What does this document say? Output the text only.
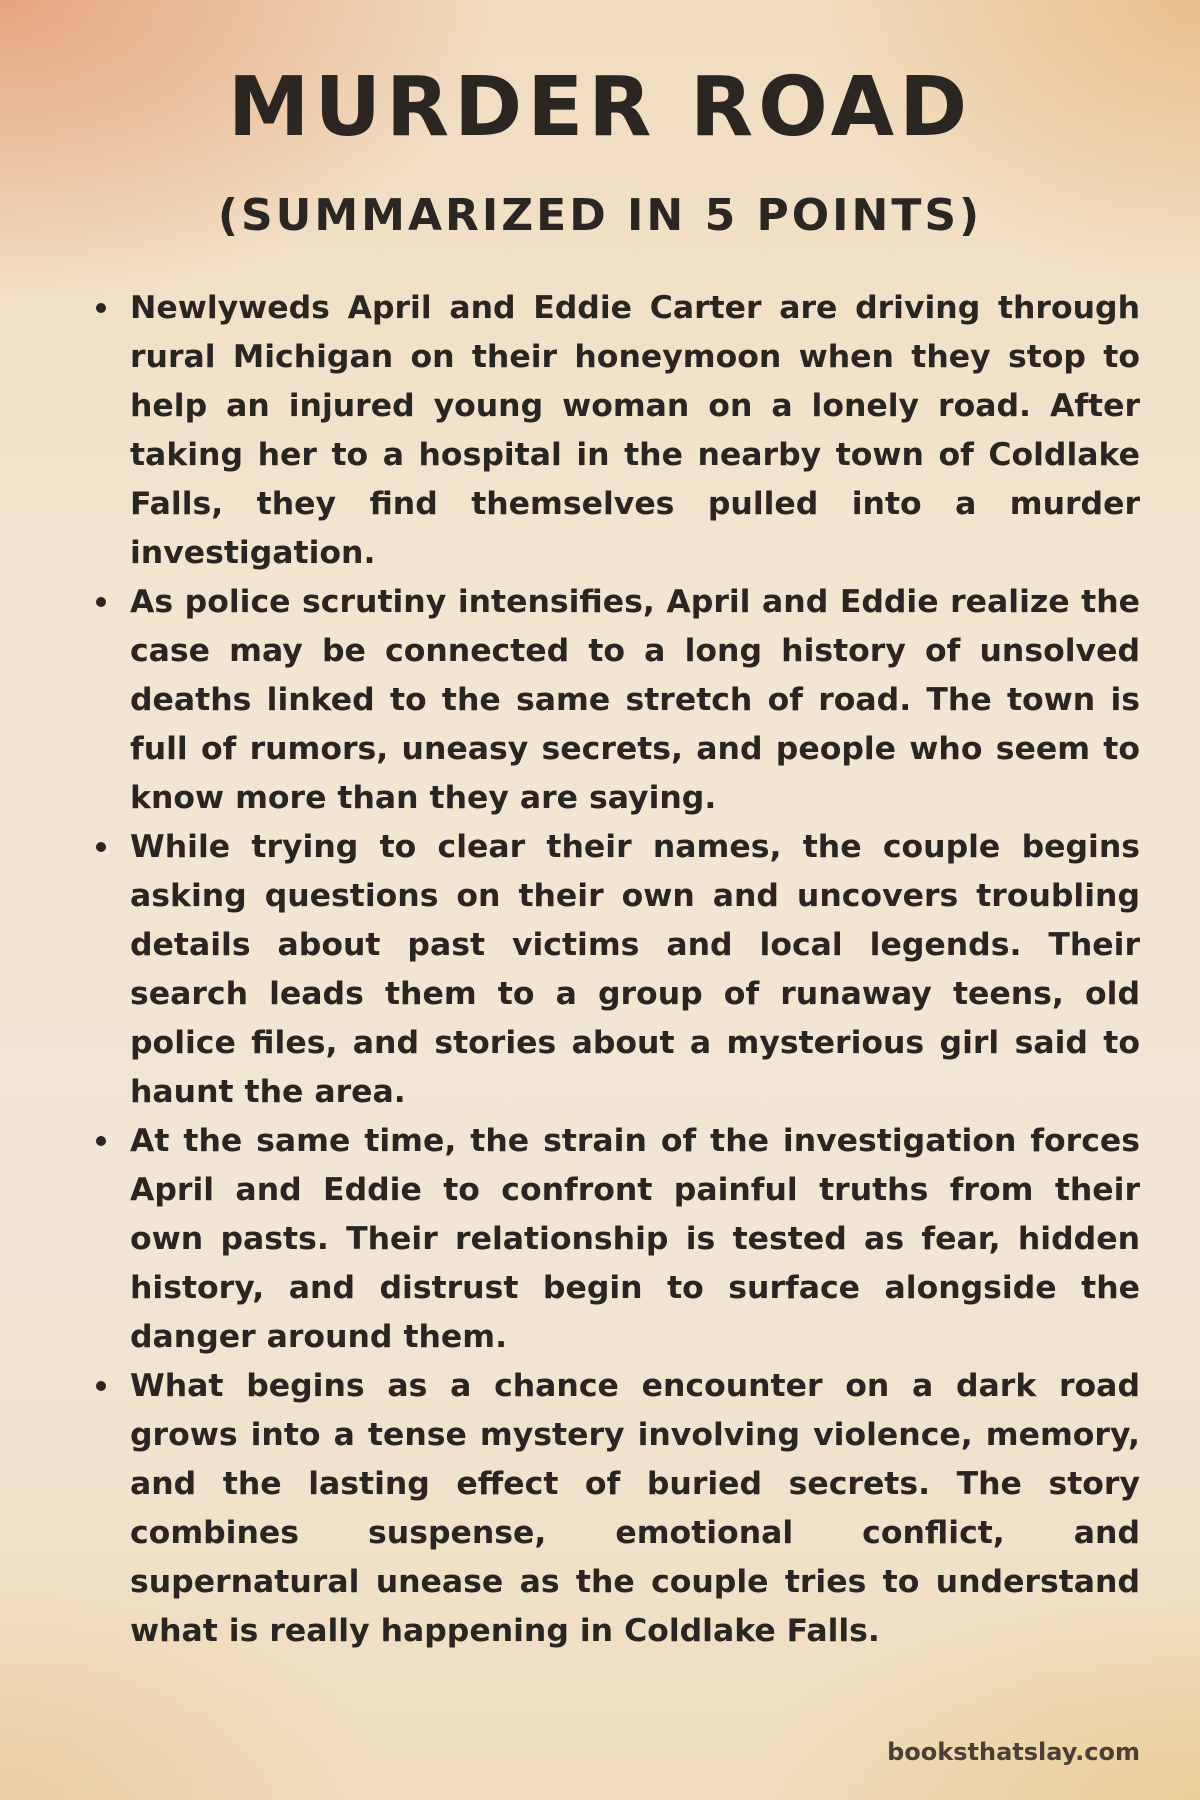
MURDER ROAD
(SUMMARIZED IN 5 POINTS)
Newlyweds April and Eddie Carter are driving through rural Michigan on their honeymoon when they stop to help an injured young woman on a lonely road. After taking her to a hospital in the nearby town of Coldlake Falls, they find themselves pulled into a murder investigation.
As police scrutiny intensifies, April and Eddie realize the case may be connected to a long history of unsolved deaths linked to the same stretch of road. The town is full of rumors, uneasy secrets, and people who seem to know more than they are saying.
While trying to clear their names, the couple begins asking questions on their own and uncovers troubling details about past victims and local legends. Their search leads them to a group of runaway teens, old police files, and stories about a mysterious girl said to haunt the area.
At the same time, the strain of the investigation forces April and Eddie to confront painful truths from their own pasts. Their relationship is tested as fear, hidden history, and distrust begin to surface alongside the danger around them.
What begins as a chance encounter on a dark road grows into a tense mystery involving violence, memory, and the lasting effect of buried secrets. The story combines suspense, emotional conflict, and supernatural unease as the couple tries to understand what is really happening in Coldlake Falls.

booksthatslay.com
